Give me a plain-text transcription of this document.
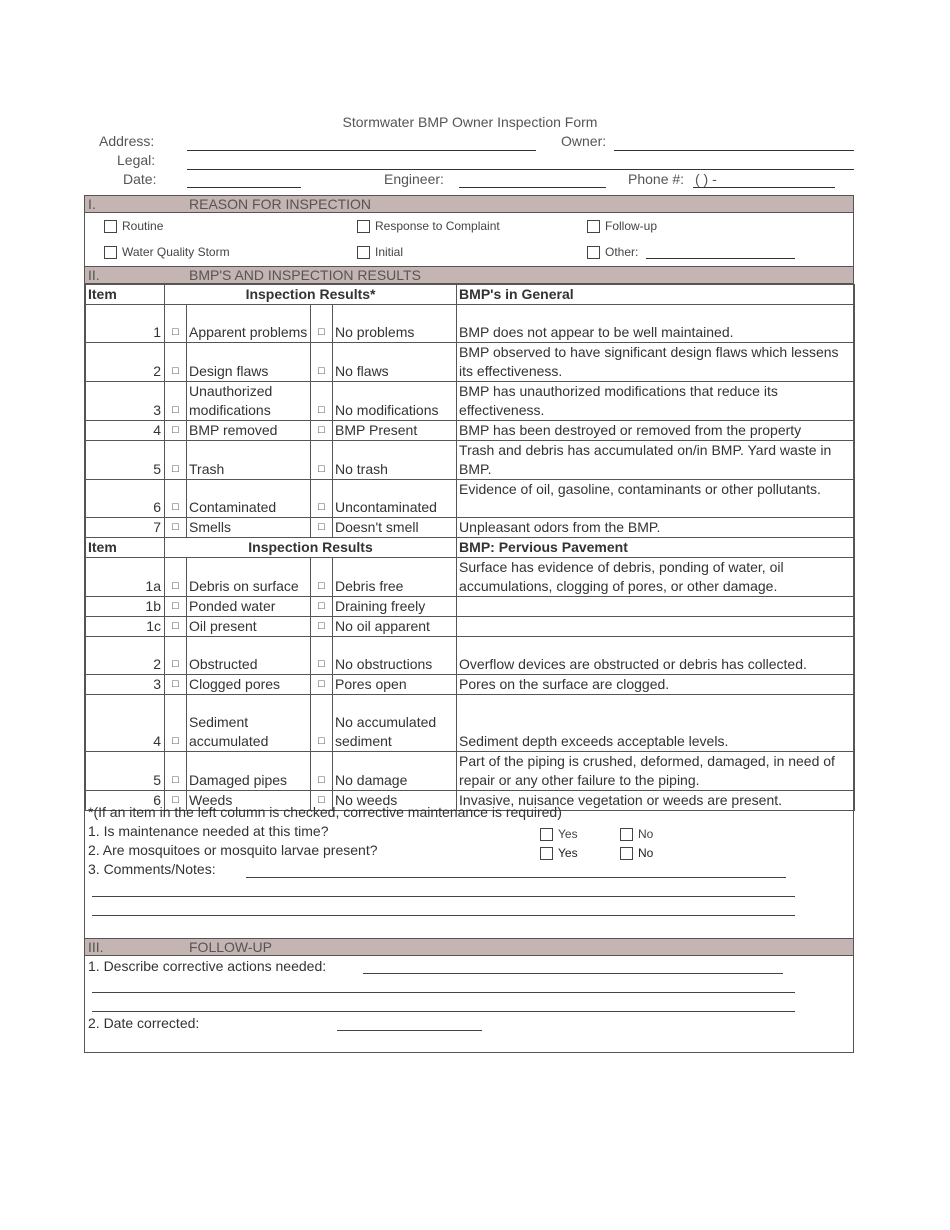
Stormwater BMP Owner Inspection Form
Address:	Owner:
Legal:
Date:	Engineer:	Phone #: ( ) -
I.	REASON FOR INSPECTION
Routine	Response to Complaint	Follow-up
Water Quality Storm	Initial	Other:
II.	BMP'S AND INSPECTION RESULTS
Item	Inspection Results*				BMP's in General
1	□	Apparent problems	□	No problems	BMP does not appear to be well maintained.
2	□	Design flaws	□	No flaws	BMP observed to have significant design flaws which lessens its effectiveness.
3	□	Unauthorized modifications	□	No modifications	BMP has unauthorized modifications that reduce its effectiveness.
4	□	BMP removed	□	BMP Present	BMP has been destroyed or removed from the property
5	□	Trash	□	No trash	Trash and debris has accumulated on/in BMP. Yard waste in BMP.
6	□	Contaminated	□	Uncontaminated	Evidence of oil, gasoline, contaminants or other pollutants.
7	□	Smells	□	Doesn't smell	Unpleasant odors from the BMP.
Item	Inspection Results				BMP: Pervious Pavement
1a	□	Debris on surface	□	Debris free	Surface has evidence of debris, ponding of water, oil accumulations, clogging of pores, or other damage.
1b	□	Ponded water	□	Draining freely	
1c	□	Oil present	□	No oil apparent	
2	□	Obstructed	□	No obstructions	Overflow devices are obstructed or debris has collected.
3	□	Clogged pores	□	Pores open	Pores on the surface are clogged.
4	□	Sediment accumulated	□	No accumulated sediment	Sediment depth exceeds acceptable levels.
5	□	Damaged pipes	□	No damage	Part of the piping is crushed, deformed, damaged, in need of repair or any other failure to the piping.
6	□	Weeds	□	No weeds	Invasive, nuisance vegetation or weeds are present.
*(If an item in the left column is checked, corrective maintenance is required)
1. Is maintenance needed at this time?
2. Are mosquitoes or mosquito larvae present?
3. Comments/Notes:
Yes	No
Yes	No
III.	FOLLOW-UP
1. Describe corrective actions needed:
2. Date corrected:
